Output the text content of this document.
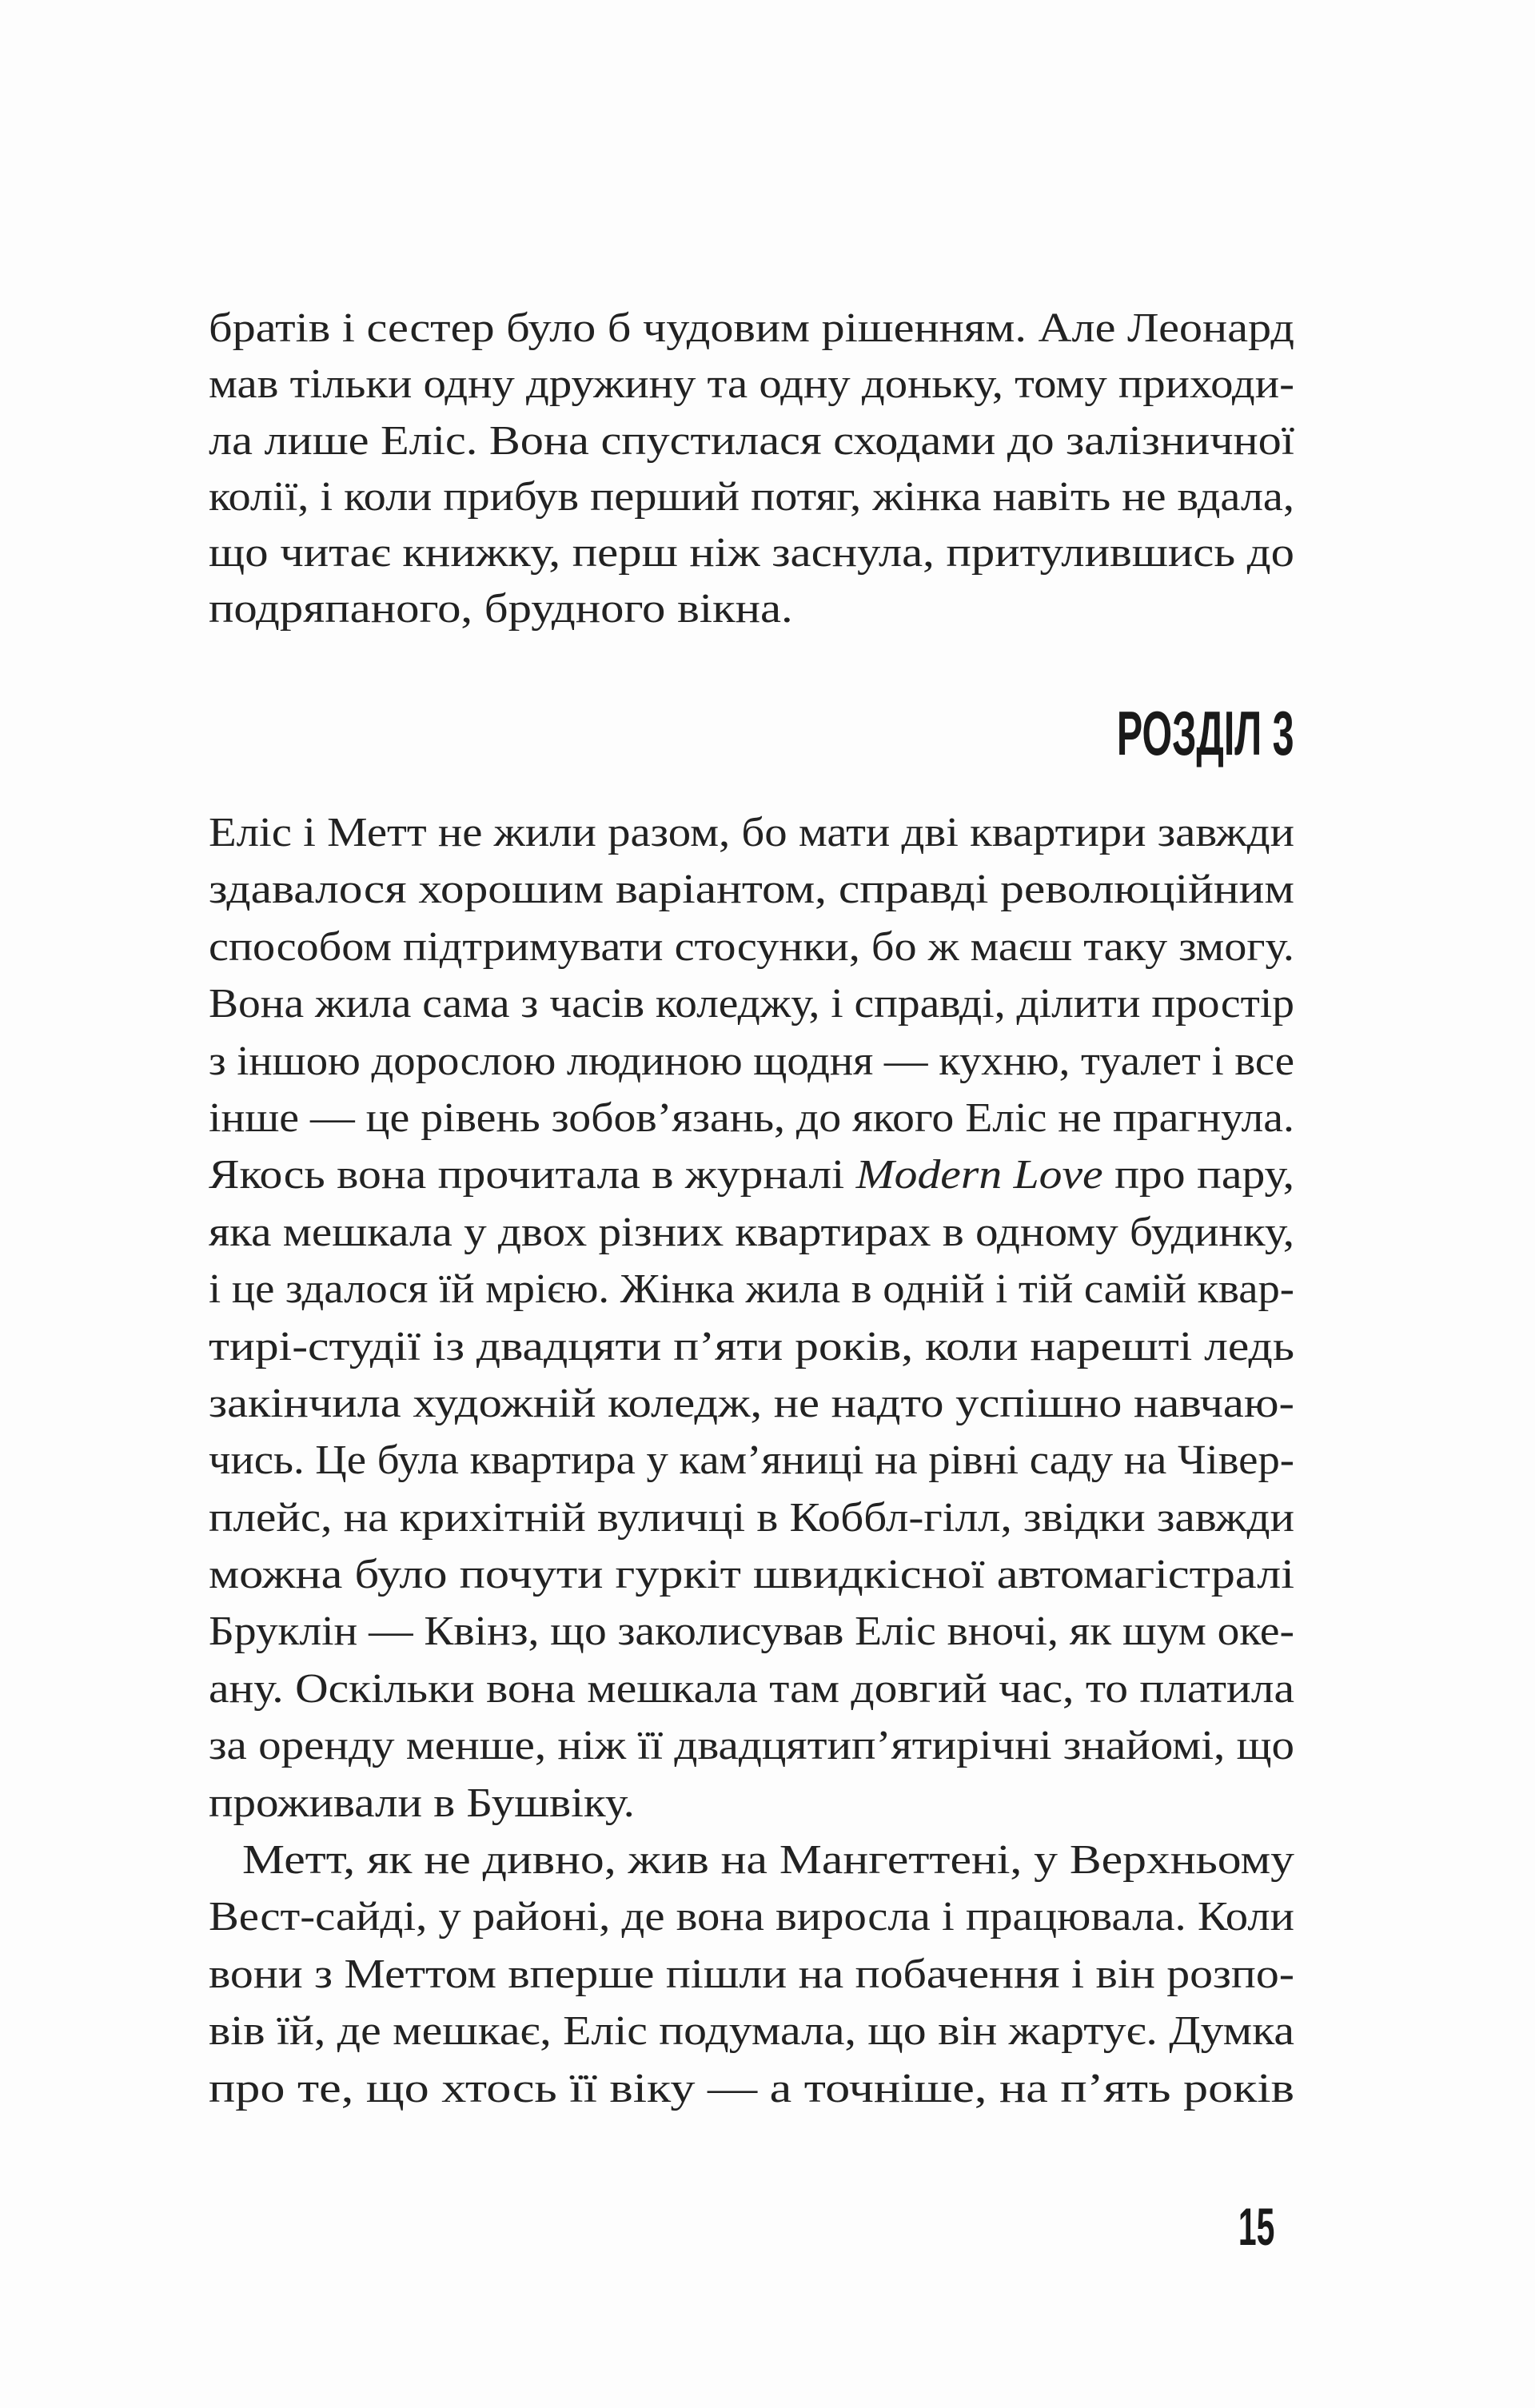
братів і сестер було б чудовим рішенням. Але Леонард
мав тільки одну дружину та одну доньку, тому приходи-
ла лише Еліс. Вона спустилася сходами до залізничної
колії, і коли прибув перший потяг, жінка навіть не вдала,
що читає книжку, перш ніж заснула, притулившись до
подряпаного, брудного вікна.
РОЗДІЛ 3
Еліс і Метт не жили разом, бо мати дві квартири завжди
здавалося хорошим варіантом, справді революційним
способом підтримувати стосунки, бо ж маєш таку змогу.
Вона жила сама з часів коледжу, і справді, ділити простір
з іншою дорослою людиною щодня — кухню, туалет і все
інше — це рівень зобов’язань, до якого Еліс не прагнула.
Якось вона прочитала в журналі Modern Love про пару,
яка мешкала у двох різних квартирах в одному будинку,
і це здалося їй мрією. Жінка жила в одній і тій самій квар-
тирі-студії із двадцяти п’яти років, коли нарешті ледь
закінчила художній коледж, не надто успішно навчаю-
чись. Це була квартира у кам’яниці на рівні саду на Чівер-
плейс, на крихітній вуличці в Коббл-гілл, звідки завжди
можна було почути гуркіт швидкісної автомагістралі
Бруклін — Квінз, що заколисував Еліс вночі, як шум оке-
ану. Оскільки вона мешкала там довгий час, то платила
за оренду менше, ніж її двадцятип’ятирічні знайомі, що
проживали в Бушвіку.
Метт, як не дивно, жив на Мангеттені, у Верхньому
Вест-сайді, у районі, де вона виросла і працювала. Коли
вони з Меттом вперше пішли на побачення і він розпо-
вів їй, де мешкає, Еліс подумала, що він жартує. Думка
про те, що хтось її віку — а точніше, на п’ять років
15
